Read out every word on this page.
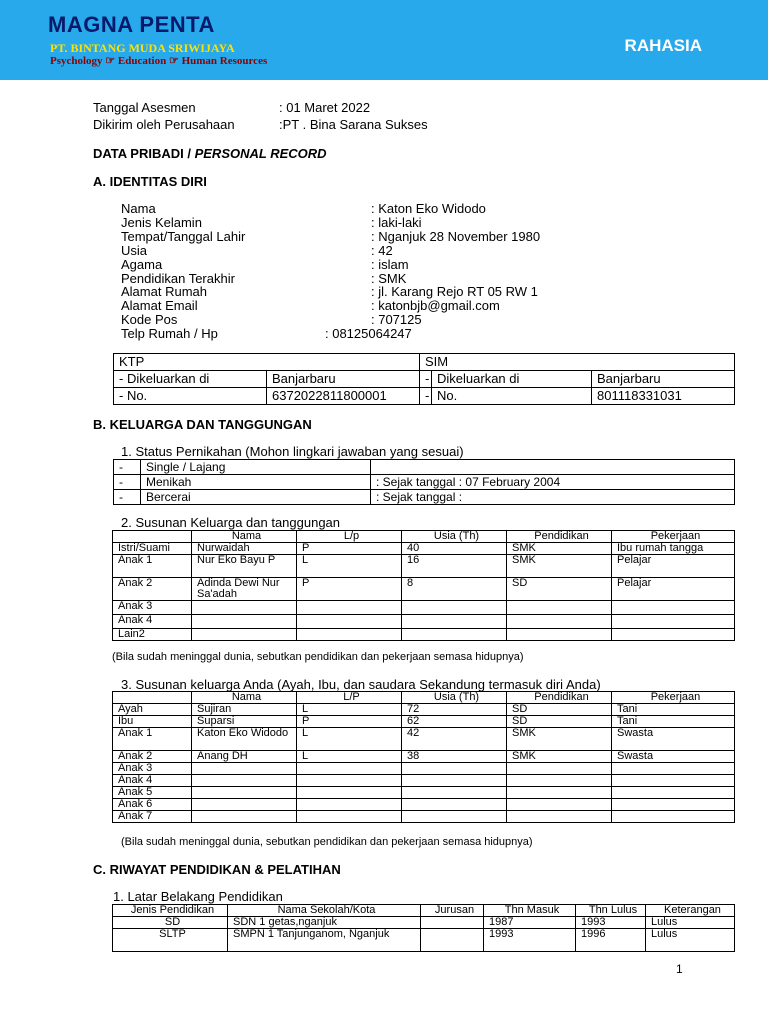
MAGNA PENTA
PT. BINTANG MUDA SRIWIJAYA
Psychology ☞ Education ☞ Human Resources
RAHASIA
Tanggal Asesmen	: 01 Maret 2022
Dikirim oleh Perusahaan	:PT . Bina Sarana Sukses
DATA PRIBADI / PERSONAL RECORD
A. IDENTITAS DIRI
Nama	: Katon Eko Widodo
Jenis Kelamin	: laki-laki
Tempat/Tanggal Lahir	: Nganjuk 28 November 1980
Usia	: 42
Agama	: islam
Pendidikan Terakhir	: SMK
Alamat Rumah	: jl. Karang Rejo RT 05 RW 1
Alamat Email	: katonbjb@gmail.com
Kode Pos	: 707125
Telp Rumah / Hp	: 08125064247
KTP		SIM		
- Dikeluarkan di	Banjarbaru	-	Dikeluarkan di	Banjarbaru
- No.	6372022811800001	-	No.	801118331031
B. KELUARGA DAN TANGGUNGAN
1. Status Pernikahan (Mohon lingkari jawaban yang sesuai)
-	Single / Lajang	
-	Menikah	: Sejak tanggal : 07 February 2004
-	Bercerai	: Sejak tanggal :
2. Susunan Keluarga dan tanggungan
	Nama	L/p	Usia (Th)	Pendidikan	Pekerjaan
Istri/Suami	Nurwaidah	P	40	SMK	Ibu rumah tangga
Anak 1	Nur Eko Bayu P	L	16	SMK	Pelajar
Anak 2	Adinda Dewi Nur Sa'adah	P	8	SD	Pelajar
Anak 3					
Anak 4					
Lain2					
(Bila sudah meninggal dunia, sebutkan pendidikan dan pekerjaan semasa hidupnya)
3. Susunan keluarga Anda (Ayah, Ibu, dan saudara Sekandung termasuk diri Anda)
	Nama	L/P	Usia (Th)	Pendidikan	Pekerjaan
Ayah	Sujiran	L	72	SD	Tani
Ibu	Suparsi	P	62	SD	Tani
Anak 1	Katon Eko Widodo	L	42	SMK	Swasta
Anak 2	Anang DH	L	38	SMK	Swasta
Anak 3					
Anak 4					
Anak 5					
Anak 6					
Anak 7					
(Bila sudah meninggal dunia, sebutkan pendidikan dan pekerjaan semasa hidupnya)
C. RIWAYAT PENDIDIKAN & PELATIHAN
1. Latar Belakang Pendidikan
Jenis Pendidikan	Nama Sekolah/Kota	Jurusan	Thn Masuk	Thn Lulus	Keterangan
SD	SDN 1 getas,nganjuk		1987	1993	Lulus
SLTP	SMPN 1 Tanjunganom, Nganjuk		1993	1996	Lulus
1
